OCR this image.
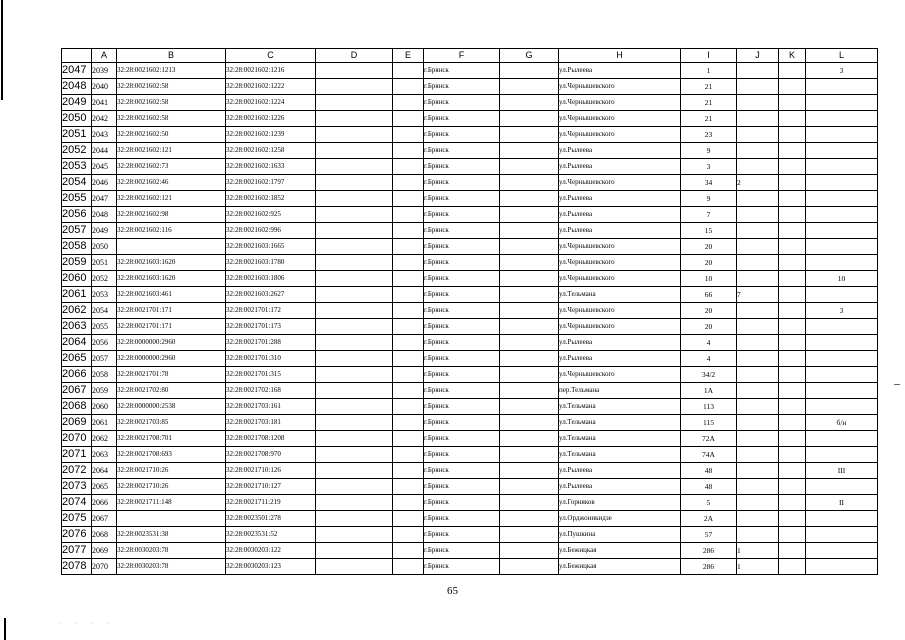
. . . .
	A	B	C	D	E	F	G	H	I	J	K	L
2047	2039	32:28:0021602:1213	32:28:0021602:1216			г.Брянск		ул.Рылеева	1			3
2048	2040	32:28:0021602:58	32:28:0021602:1222			г.Брянск		ул.Чернышевского	21			
2049	2041	32:28:0021602:58	32:28:0021602:1224			г.Брянск		ул.Чернышевского	21			
2050	2042	32:28:0021602:58	32:28:0021602:1226			г.Брянск		ул.Чернышевского	21			
2051	2043	32:28:0021602:50	32:28:0021602:1239			г.Брянск		ул.Чернышевского	23			
2052	2044	32:28:0021602:121	32:28:0021602:1258			г.Брянск		ул.Рылеева	9			
2053	2045	32:28:0021602:73	32:28:0021602:1633			г.Брянск		ул.Рылеева	3			
2054	2046	32:28:0021602:46	32:28:0021602:1797			г.Брянск		ул.Чернышевского	34	2		
2055	2047	32:28:0021602:121	32:28:0021602:1852			г.Брянск		ул.Рылеева	9			
2056	2048	32:28:0021602:98	32:28:0021602:925			г.Брянск		ул.Рылеева	7			
2057	2049	32:28:0021602:116	32:28:0021602:996			г.Брянск		ул.Рылеева	15			
2058	2050		32:28:0021603:1665			г.Брянск		ул.Чернышевского	20			
2059	2051	32:28:0021603:1620	32:28:0021603:1780			г.Брянск		ул.Чернышевского	20			
2060	2052	32:28:0021603:1620	32:28:0021603:1806			г.Брянск		ул.Чернышевского	10			10
2061	2053	32:28:0021603:461	32:28:0021603:2627			г.Брянск		ул.Тельмана	66	7		
2062	2054	32:28:0021701:171	32:28:0021701:172			г.Брянск		ул.Чернышевского	20			3
2063	2055	32:28:0021701:171	32:28:0021701:173			г.Брянск		ул.Чернышевского	20			
2064	2056	32:28:0000000:2960	32:28:0021701:288			г.Брянск		ул.Рылеева	4			
2065	2057	32:28:0000000:2960	32:28:0021701:310			г.Брянск		ул.Рылеева	4			
2066	2058	32:28:0021701:78	32:28:0021701:315			г.Брянск		ул.Чернышевского	34/2			
2067	2059	32:28:0021702:80	32:28:0021702:168			г.Брянск		пер.Тельмана	1А			
2068	2060	32:28:0000000:2538	32:28:0021703:161			г.Брянск		ул.Тельмана	113			
2069	2061	32:28:0021703:85	32:28:0021703:181			г.Брянск		ул.Тельмана	115			б/н
2070	2062	32:28:0021708:701	32:28:0021708:1208			г.Брянск		ул.Тельмана	72А			
2071	2063	32:28:0021708:693	32:28:0021708:970			г.Брянск		ул.Тельмана	74А			
2072	2064	32:28:0021710:26	32:28:0021710:126			г.Брянск		ул.Рылеева	48			III
2073	2065	32:28:0021710:26	32:28:0021710:127			г.Брянск		ул.Рылеева	48			
2074	2066	32:28:0021711:148	32:28:0021711:219			г.Брянск		ул.Горняков	5			II
2075	2067		32:28:0023501:278			г.Брянск		ул.Орджоникидзе	2А			
2076	2068	32:28:0023531:38	32:28:0023531:52			г.Брянск		ул.Пушкина	57			
2077	2069	32:28:0030203:78	32:28:0030203:122			г.Брянск		ул.Бежицкая	286	1		
2078	2070	32:28:0030203:78	32:28:0030203:123			г.Брянск		ул.Бежицкая	286	1		
65
